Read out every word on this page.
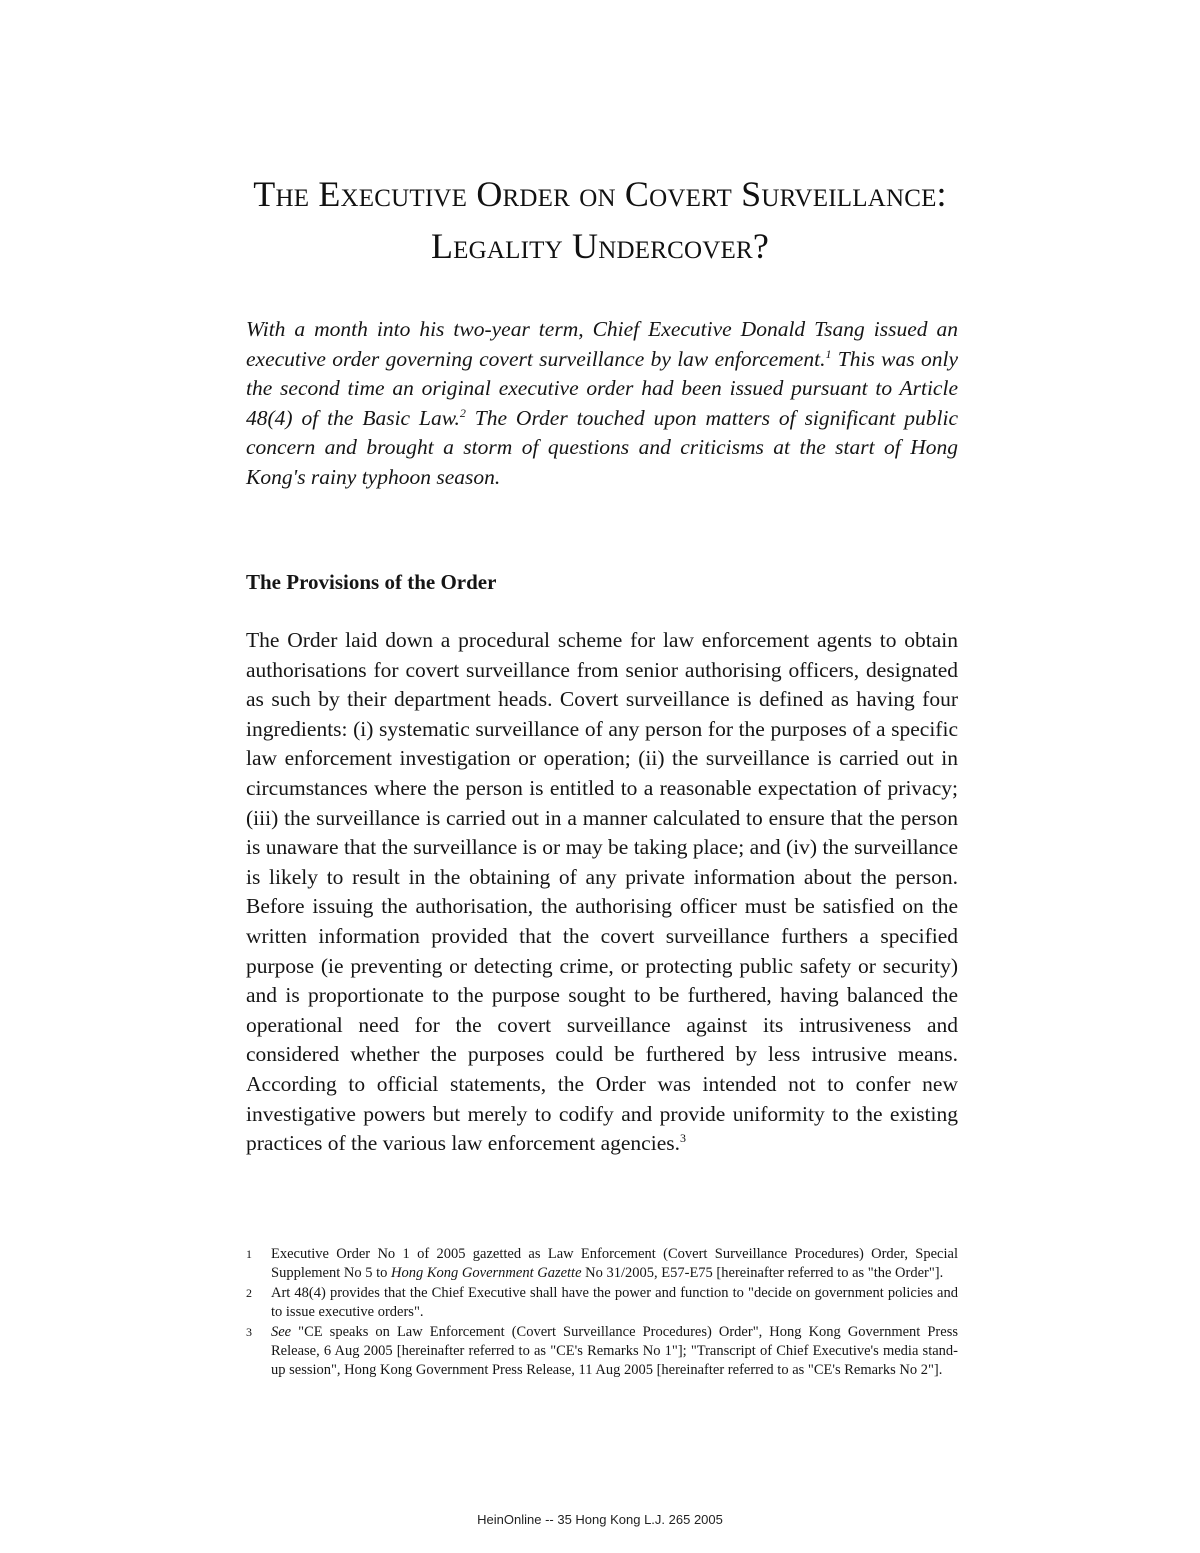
The Executive Order on Covert Surveillance:
Legality Undercover?
With a month into his two-year term, Chief Executive Donald Tsang issued an executive order governing covert surveillance by law enforcement.$^1$ This was only the second time an original executive order had been issued pursuant to Article 48(4) of the Basic Law.$^2$ The Order touched upon matters of significant public concern and brought a storm of questions and criticisms at the start of Hong Kong's rainy typhoon season.
The Provisions of the Order
The Order laid down a procedural scheme for law enforcement agents to obtain authorisations for covert surveillance from senior authorising officers, designated as such by their department heads. Covert surveillance is defined as having four ingredients: (i) systematic surveillance of any person for the purposes of a specific law enforcement investigation or operation; (ii) the surveillance is carried out in circumstances where the person is entitled to a reasonable expectation of privacy; (iii) the surveillance is carried out in a manner calculated to ensure that the person is unaware that the surveillance is or may be taking place; and (iv) the surveillance is likely to result in the obtaining of any private information about the person. Before issuing the authorisation, the authorising officer must be satisfied on the written information provided that the covert surveillance furthers a specified purpose (ie preventing or detecting crime, or protecting public safety or security) and is proportionate to the purpose sought to be furthered, having balanced the operational need for the covert surveillance against its intrusiveness and considered whether the purposes could be furthered by less intrusive means. According to official statements, the Order was intended not to confer new investigative powers but merely to codify and provide uniformity to the existing practices of the various law enforcement agencies.$^3$
1 Executive Order No 1 of 2005 gazetted as Law Enforcement (Covert Surveillance Procedures) Order, Special Supplement No 5 to Hong Kong Government Gazette No 31/2005, E57-E75 [hereinafter referred to as "the Order"].
2 Art 48(4) provides that the Chief Executive shall have the power and function to "decide on government policies and to issue executive orders".
3 See "CE speaks on Law Enforcement (Covert Surveillance Procedures) Order", Hong Kong Government Press Release, 6 Aug 2005 [hereinafter referred to as "CE's Remarks No 1"]; "Transcript of Chief Executive's media stand-up session", Hong Kong Government Press Release, 11 Aug 2005 [hereinafter referred to as "CE's Remarks No 2"].
HeinOnline -- 35 Hong Kong L.J. 265 2005
